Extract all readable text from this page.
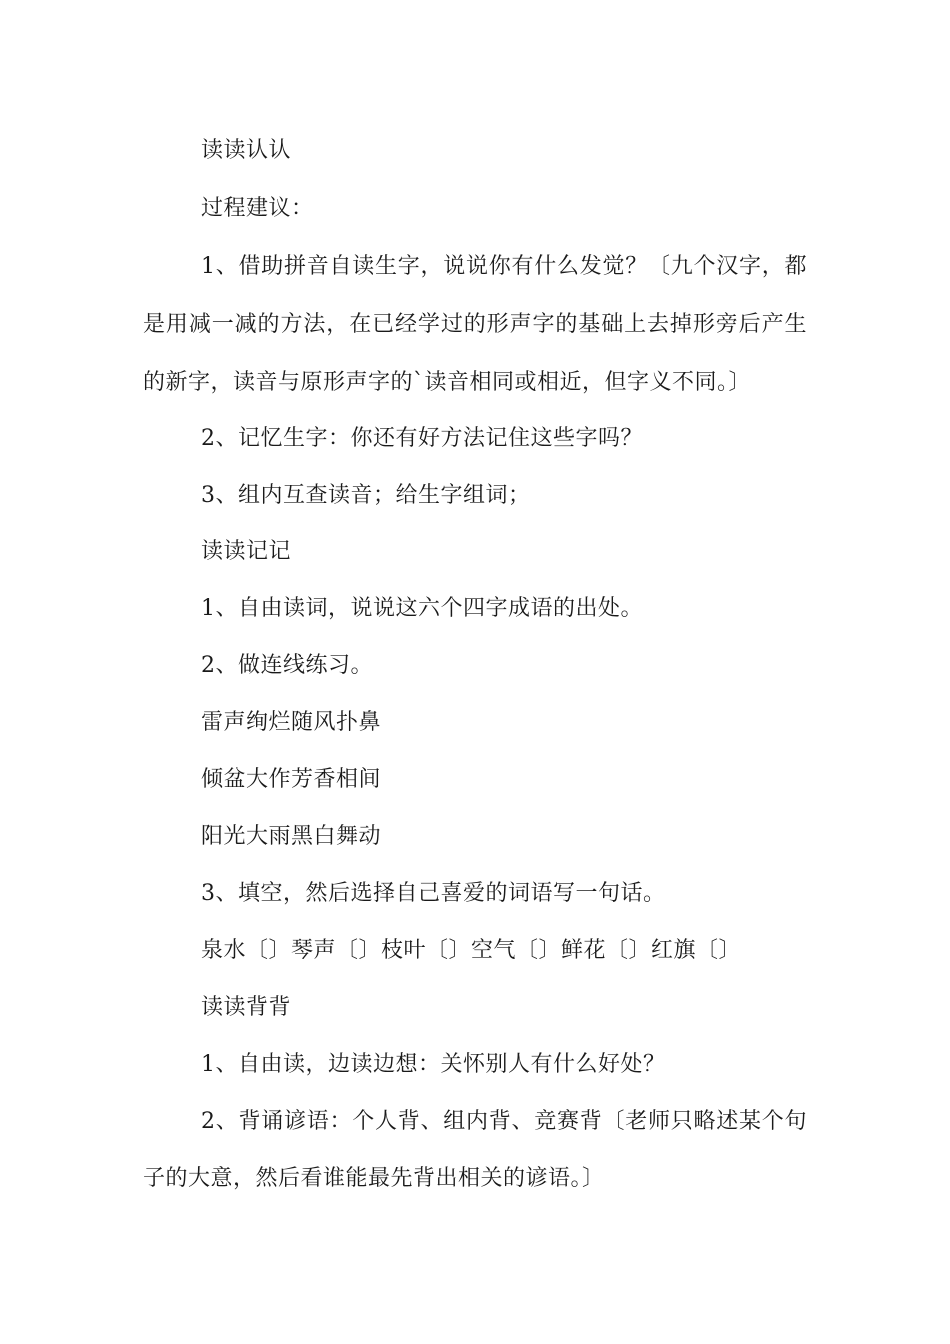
读读认认
过程建议：
1、借助拼音自读生字，说说你有什么发觉？〔九个汉字，都
是用减一减的方法，在已经学过的形声字的基础上去掉形旁后产生
的新字，读音与原形声字的`读音相同或相近，但字义不同。〕
2、记忆生字：你还有好方法记住这些字吗？
3、组内互查读音；给生字组词；
读读记记
1、自由读词，说说这六个四字成语的出处。
2、做连线练习。
雷声绚烂随风扑鼻
倾盆大作芳香相间
阳光大雨黑白舞动
3、填空，然后选择自己喜爱的词语写一句话。
泉水〔〕琴声〔〕枝叶〔〕空气〔〕鲜花〔〕红旗〔〕
读读背背
1、自由读，边读边想：关怀别人有什么好处？
2、背诵谚语：个人背、组内背、竞赛背〔老师只略述某个句
子的大意，然后看谁能最先背出相关的谚语。〕
